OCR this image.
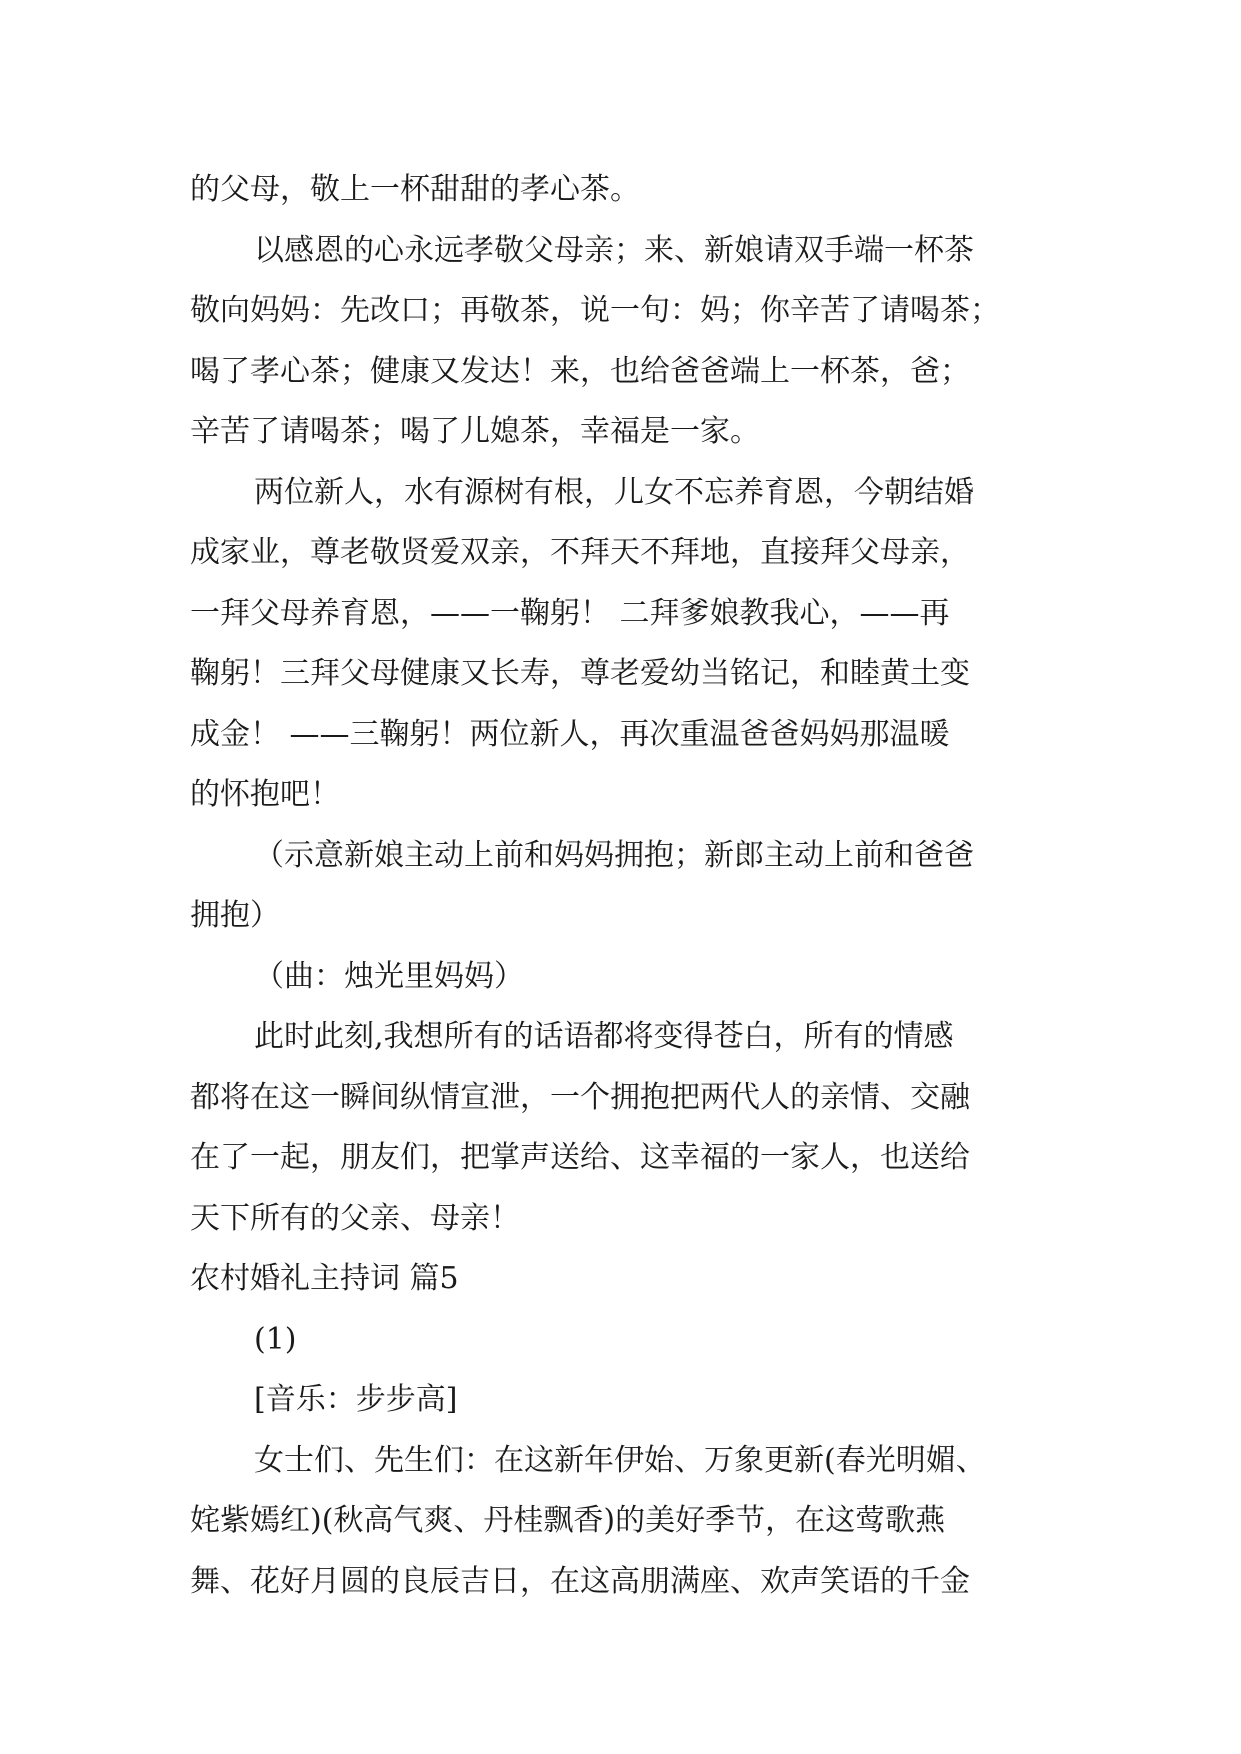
的父母，敬上一杯甜甜的孝心茶。
以感恩的心永远孝敬父母亲；来、新娘请双手端一杯茶
敬向妈妈：先改口；再敬茶，说一句：妈；你辛苦了请喝茶；
喝了孝心茶；健康又发达！来，也给爸爸端上一杯茶，爸；
辛苦了请喝茶；喝了儿媳茶，幸福是一家。
两位新人，水有源树有根，儿女不忘养育恩，今朝结婚
成家业，尊老敬贤爱双亲，不拜天不拜地，直接拜父母亲，
一拜父母养育恩，——一鞠躬！ 二拜爹娘教我心，——再
鞠躬！三拜父母健康又长寿，尊老爱幼当铭记，和睦黄土变
成金！ ——三鞠躬！两位新人，再次重温爸爸妈妈那温暖
的怀抱吧！
（示意新娘主动上前和妈妈拥抱；新郎主动上前和爸爸
拥抱）
（曲：烛光里妈妈）
此时此刻,我想所有的话语都将变得苍白，所有的情感
都将在这一瞬间纵情宣泄，一个拥抱把两代人的亲情、交融
在了一起，朋友们，把掌声送给、这幸福的一家人，也送给
天下所有的父亲、母亲！
农村婚礼主持词 篇5
(1)
[音乐：步步高]
女士们、先生们：在这新年伊始、万象更新(春光明媚、
姹紫嫣红)(秋高气爽、丹桂飘香)的美好季节，在这莺歌燕
舞、花好月圆的良辰吉日，在这高朋满座、欢声笑语的千金
